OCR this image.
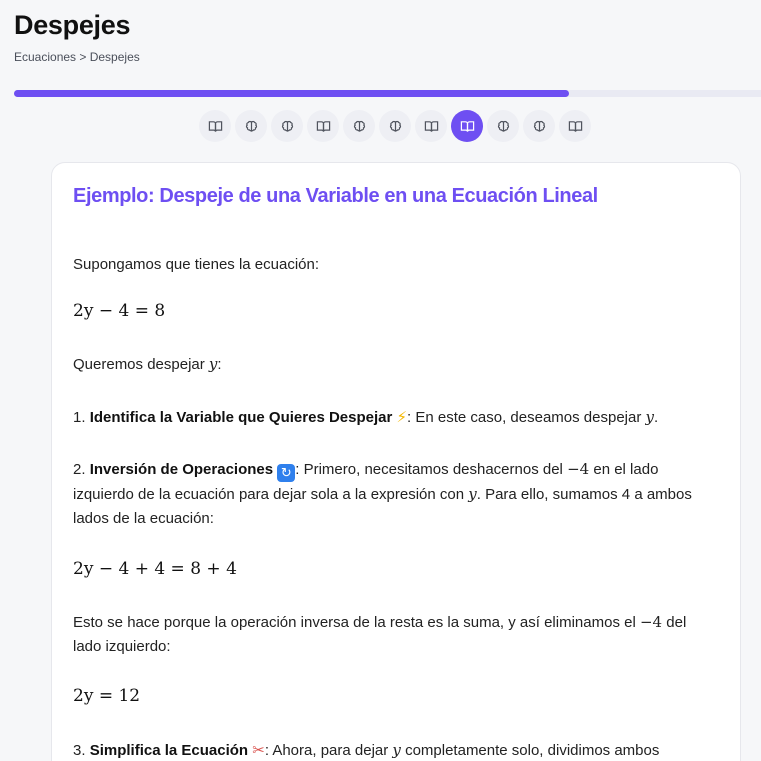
Despejes
Ecuaciones > Despejes
Ejemplo: Despeje de una Variable en una Ecuación Lineal
Supongamos que tienes la ecuación:
2y − 4 = 8
Queremos despejar y:
1. Identifica la Variable que Quieres Despejar ⚡: En este caso, deseamos despejar y.
2. Inversión de Operaciones ↻ : Primero, necesitamos deshacernos del −4 en el lado izquierdo de la ecuación para dejar sola a la expresión con y. Para ello, sumamos 4 a ambos lados de la ecuación:
2y − 4 + 4 = 8 + 4
Esto se hace porque la operación inversa de la resta es la suma, y así eliminamos el −4 del lado izquierdo:
2y = 12
3. Simplifica la Ecuación ✂: Ahora, para dejar y completamente solo, dividimos ambos
